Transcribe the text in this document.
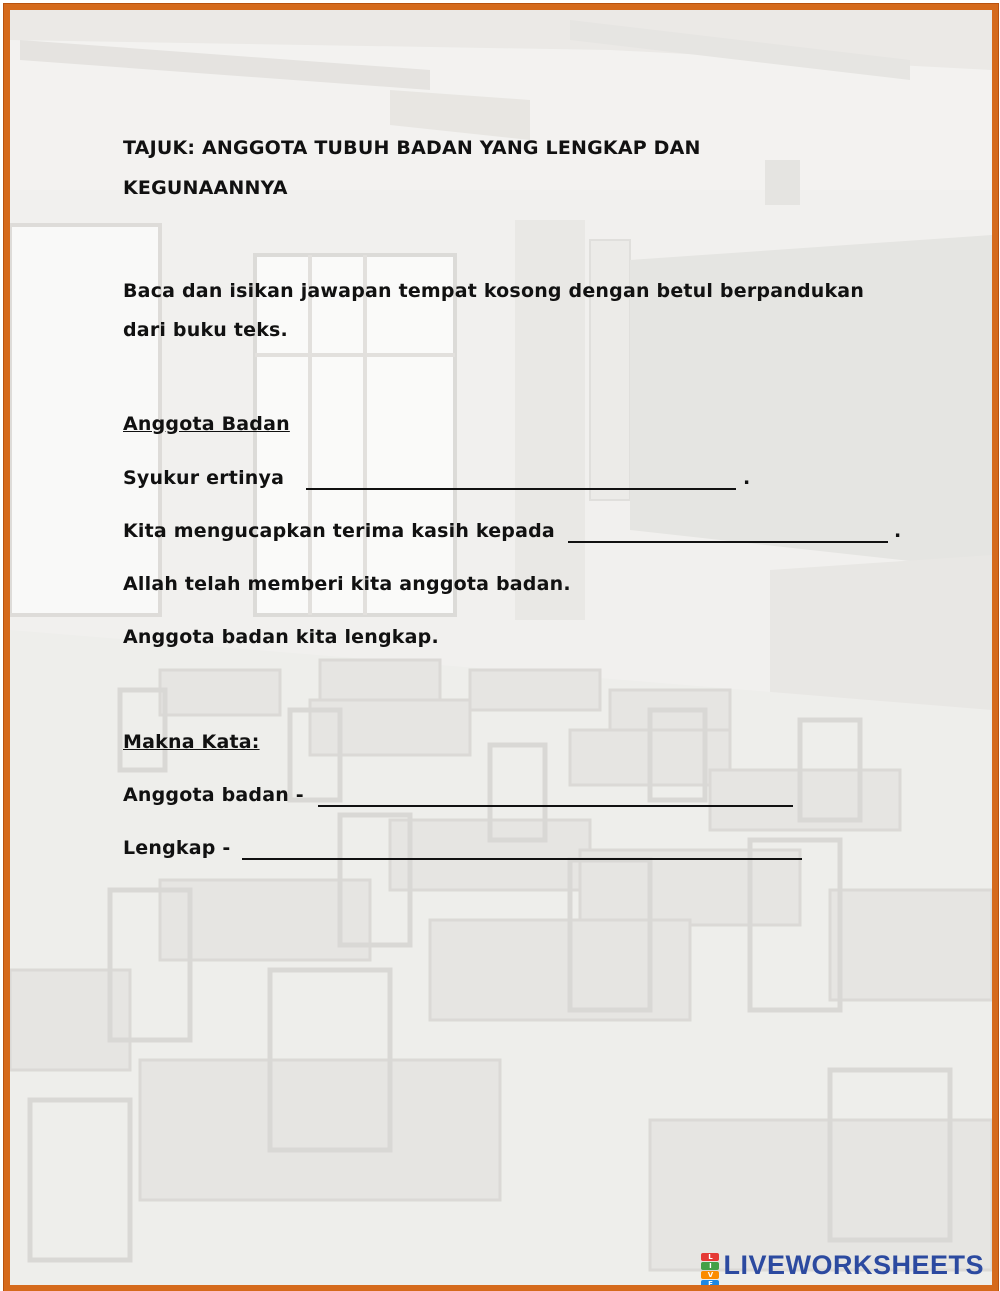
TAJUK: ANGGOTA TUBUH BADAN YANG LENGKAP DAN KEGUNAANNYA
Baca dan isikan jawapan tempat kosong dengan betul berpandukan dari buku teks.
Anggota Badan
Syukur ertinya	.
Kita mengucapkan terima kasih kepada	.
Allah telah memberi kita anggota badan.
Anggota badan kita lengkap.
Makna Kata:
Anggota badan -
Lengkap -
L
I
V
E
LIVEWORKSHEETS
